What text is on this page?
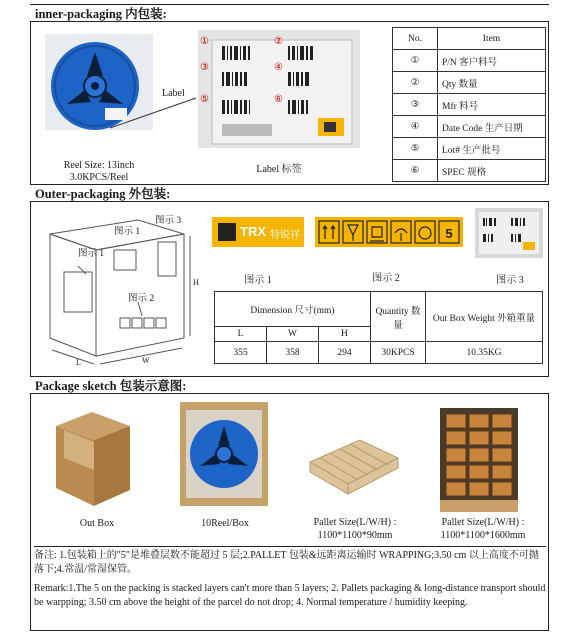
inner-packaging 内包装:
Reel Size: 13inch
3.0KPCS/Reel
Label
①	②
③	④
⑤	⑥
Label 标签
No.	Item
①	P/N 客户料号
②	Qty 数量
③	Mfr 料号
④	Date Code 生产日期
⑤	Lot# 生产批号
⑥	SPEC 规格
Outer-packaging 外包装:
图示 1
图示 1
图示 3
图示 2
L	W
H
TRX 特锐祥	5
图示 1	图示 2	图示 3
Dimension 尺寸(mm)			Quantity 数量	Out Box Weight 外箱重量
L	W	H		
355	358	294	30KPCS	10.35KG
Package sketch 包装示意图:
Out Box	10Reel/Box	Pallet Size(L/W/H) :
1100*1100*90mm
Pallet Size(L/W/H) :
1100*1100*1600mm
备注: 1.包装箱上的"5"是堆叠层数不能超过 5 层;2.PALLET 包装&远距离运输时 WRAPPING;3.50 cm 以上高度不可抛落下;4.常温/常湿保管。
Remark:1.The 5 on the packing is stacked layers can't more than 5 layers; 2. Pallets packaging & long-distance transport should be warpping; 3.50 cm above the height of the parcel do not drop; 4. Normal temperature / humidity keeping.
